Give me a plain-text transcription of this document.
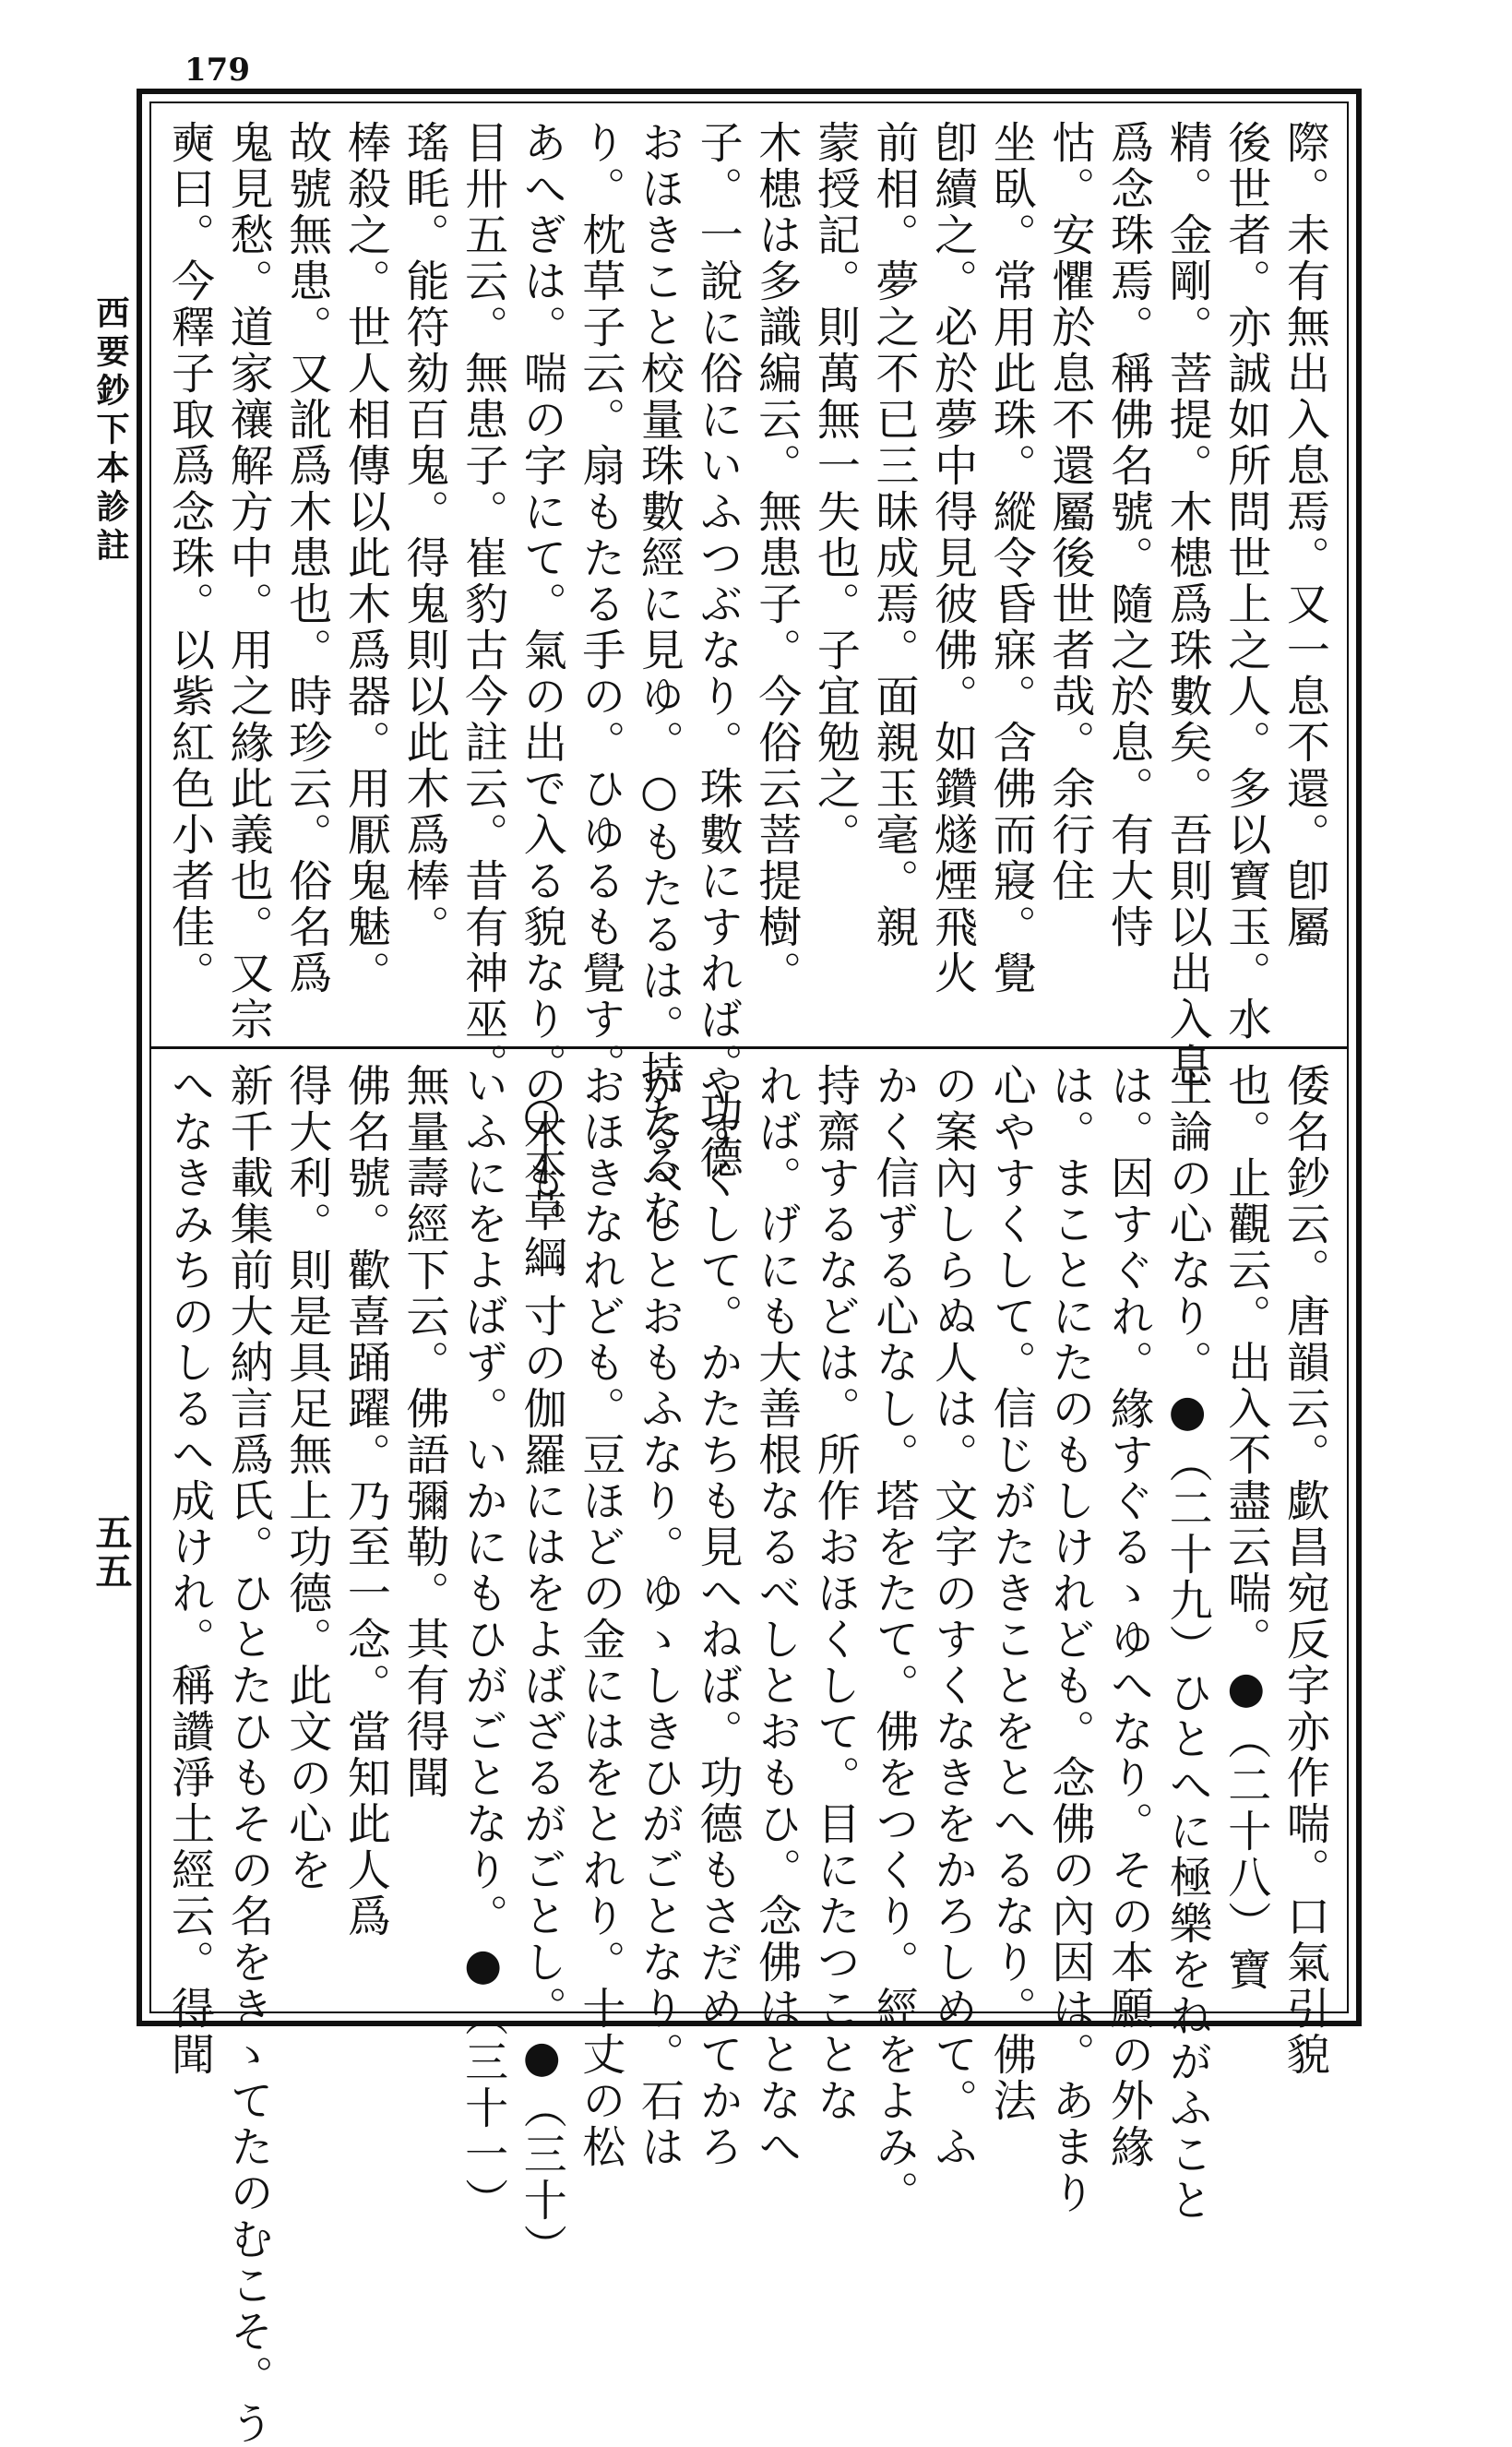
179
西要鈔下本診註
五五
際。未有無出入息焉。又一息不還。卽屬
後世者。亦誠如所問世上之人。多以寶玉。水
精。金剛。菩提。木槵爲珠數矣。吾則以出入息
爲念珠焉。稱佛名號。隨之於息。有大恃
怙。安懼於息不還屬後世者哉。余行住
坐臥。常用此珠。縱令昏寐。含佛而寢。覺
卽續之。必於夢中得見彼佛。如鑽燧煙飛火
前相。夢之不已三昧成焉。面親玉毫。親
蒙授記。則萬無一失也。子宜勉之。
木槵は多識編云。無患子。今俗云菩提樹。
子。一說に俗にいふつぶなり。珠數にすれば。功德
おほきこと校量珠數經に見ゆ。○もたるは。持たるな
り。枕草子云。扇もたる手の。ひゆるも覺す。
あへぎは。喘の字にて。氣の出で入る貌なり。○本草綱
目卅五云。無患子。崔豹古今註云。昔有神巫。
瑤眊。能符劾百鬼。得鬼則以此木爲棒。
棒殺之。世人相傳以此木爲器。用厭鬼魅。
故號無患。又訛爲木患也。時珍云。俗名爲
鬼見愁。道家禳解方中。用之緣此義也。又宗
奭曰。今釋子取爲念珠。以紫紅色小者佳。
倭名鈔云。唐韻云。歔昌宛反字亦作喘。口氣引貌
也。止觀云。出入不盡云喘。●（二十八）寶
王論の心なり。●（二十九）ひとへに極樂をねがふこと
は。因すぐれ。緣すぐるゝゆへなり。その本願の外緣
は。まことにたのもしけれども。念佛の內因は。あまり
心やすくして。信じがたきことをとへるなり。佛法
の案內しらぬ人は。文字のすくなきをかろしめて。ふ
かく信ずる心なし。塔をたて。佛をつくり。經をよみ。
持齋するなどは。所作おほくして。目にたつことな
れば。げにも大善根なるべしとおもひ。念佛はとなへ
やすくして。かたちも見へねば。功德もさだめてかろ
かるべしとおもふなり。ゆゝしきひがごとなり。石は
おほきなれども。豆ほどの金にはをとれり。十丈の松
の木も。一寸の伽羅にはをよばざるがごとし。●（三十）
いふにをよばず。いかにもひがごとなり。●（三十一）
無量壽經下云。佛語彌勒。其有得聞
佛名號。歡喜踊躍。乃至一念。當知此人爲
得大利。則是具足無上功德。此文の心を
新千載集前大納言爲氏。ひとたひもその名をきゝてたのむこそ。う
へなきみちのしるへ成けれ。稱讚淨土經云。得聞
